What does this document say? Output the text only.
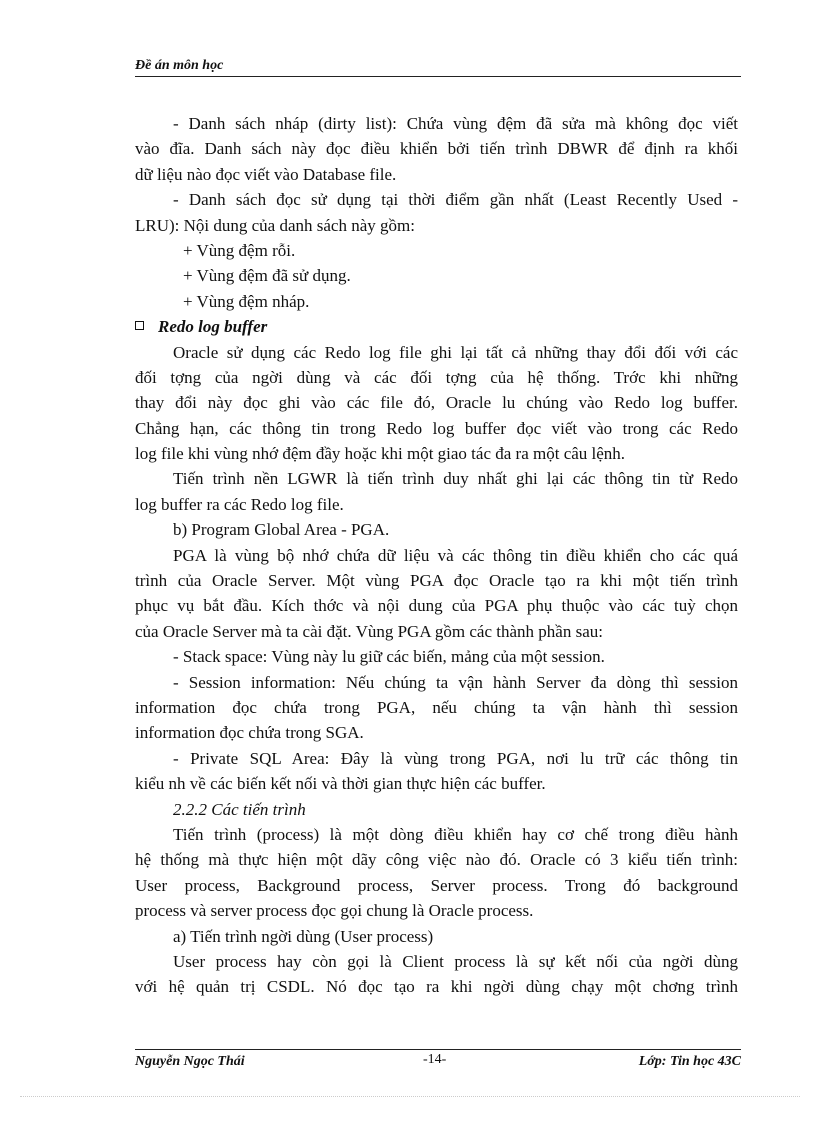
Đề án môn học
- Danh sách nháp (dirty list): Chứa vùng đệm đã sửa mà không đọc viết
vào đĩa. Danh sách này đọc điều khiển bởi tiến trình DBWR để định ra khối
dữ liệu nào đọc viết vào Database file.
- Danh sách đọc sử dụng tại thời điểm gần nhất (Least Recently Used -
LRU): Nội dung của danh sách này gồm:
+ Vùng đệm rỗi.
+ Vùng đệm đã sử dụng.
+ Vùng đệm nháp.
Redo log buffer
Oracle sử dụng các Redo log file ghi lại tất cả những thay đổi đối với các
đối tợng của ngời dùng và các đối tợng của hệ thống. Trớc khi những
thay đổi này đọc ghi vào các file đó, Oracle lu chúng vào Redo log buffer.
Chẳng hạn, các thông tin trong Redo log buffer đọc viết vào trong các Redo
log file khi vùng nhớ đệm đầy hoặc khi một giao tác đa ra một câu lệnh.
Tiến trình nền LGWR là tiến trình duy nhất ghi lại các thông tin từ Redo
log buffer ra các Redo log file.
b) Program Global Area - PGA.
PGA là vùng bộ nhớ chứa dữ liệu và các thông tin điều khiển cho các quá
trình của Oracle Server. Một vùng PGA đọc Oracle tạo ra khi một tiến trình
phục vụ bắt đầu. Kích thớc và nội dung của PGA phụ thuộc vào các tuỳ chọn
của Oracle Server mà ta cài đặt. Vùng PGA gồm các thành phần sau:
- Stack space: Vùng này lu giữ các biến, mảng của một session.
- Session information: Nếu chúng ta vận hành Server đa dòng thì session
information đọc chứa trong PGA, nếu chúng ta vận hành thì session
information đọc chứa trong SGA.
- Private SQL Area: Đây là vùng trong PGA, nơi lu trữ các thông tin
kiểu nh về các biến kết nối và thời gian thực hiện các buffer.
2.2.2 Các tiến trình
Tiến trình (process) là một dòng điều khiển hay cơ chế trong điều hành
hệ thống mà thực hiện một dãy công việc nào đó. Oracle có 3 kiểu tiến trình:
User process, Background process, Server process. Trong đó background
process và server process đọc gọi chung là Oracle process.
a) Tiến trình ngời dùng (User process)
User process hay còn gọi là Client process là sự kết nối của ngời dùng
với hệ quản trị CSDL. Nó đọc tạo ra khi ngời dùng chạy một chơng trình
Nguyễn Ngọc Thái	-14-	Lớp: Tin học 43C
